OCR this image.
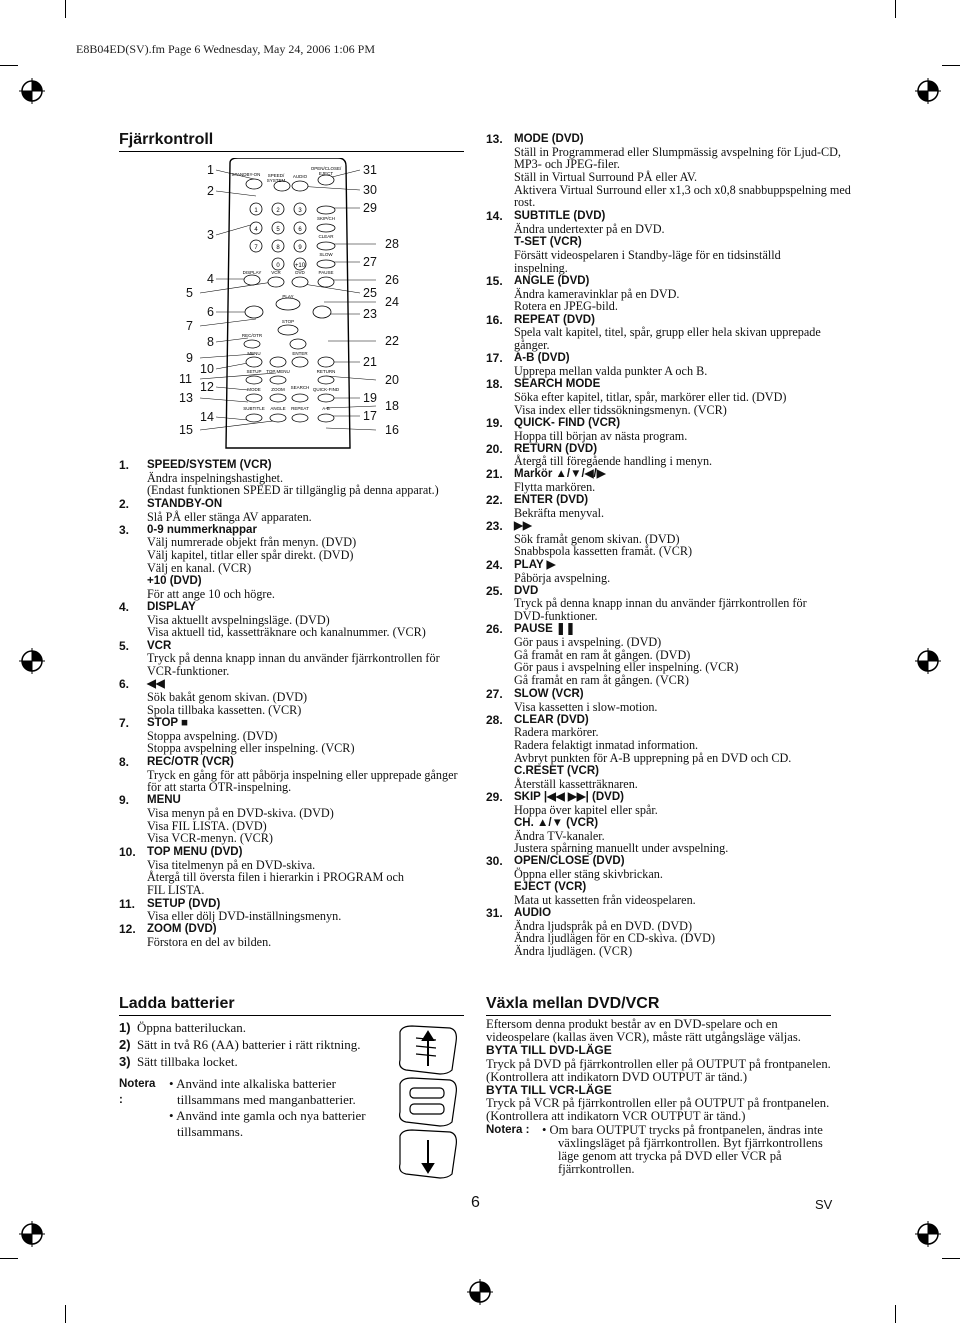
E8B04ED(SV).fm Page 6 Wednesday, May 24, 2006 1:06 PM
Fjärrkontroll
1	2	3
4	5	6
7	8	9
0	+10
STANDBY-ON SPEED/
SYSTEM
AUDIO
OPEN/CLOSE/
EJECT
SKIP/CH
CLEAR
SLOW
DISPLAY VCR	DVD	PAUSE
PLAY
STOP
REC/OTR
MENU	ENTER
SETUP TOP MENU	RETURN
MODE ZOOM SEARCH QUICK-FIND
SUBTITLE ANGLE REPEAT	A-B
1
2
3
4
5
6
7
8
9
10
11
12
13
14
15
31
30
29
28
27
26
25
24
23
22
21
20
19
18
17
16
1. SPEED/SYSTEM (VCR)
Ändra inspelningshastighet.
(Endast funktionen SPEED är tillgänglig på denna apparat.)
2. STANDBY-ON
Slå PÅ eller stänga AV apparaten.
3. 0-9 nummerknappar
Välj numrerade objekt från menyn. (DVD)
Välj kapitel, titlar eller spår direkt. (DVD)
Välj en kanal. (VCR)
+10 (DVD)
För att ange 10 och högre.
4. DISPLAY
Visa aktuellt avspelningsläge. (DVD)
Visa aktuell tid, kassetträknare och kanalnummer. (VCR)
5. VCR
Tryck på denna knapp innan du använder fjärrkontrollen för
VCR-funktioner.
6. ◀◀
Sök bakåt genom skivan. (DVD)
Spola tillbaka kassetten. (VCR)
7. STOP ■
Stoppa avspelning. (DVD)
Stoppa avspelning eller inspelning. (VCR)
8. REC/OTR (VCR)
Tryck en gång för att påbörja inspelning eller upprepade gånger
för att starta OTR-inspelning.
9. MENU
Visa menyn på en DVD-skiva. (DVD)
Visa FIL LISTA. (DVD)
Visa VCR-menyn. (VCR)
10. TOP MENU (DVD)
Visa titelmenyn på en DVD-skiva.
Återgå till översta filen i hierarkin i PROGRAM och
FIL LISTA.
11. SETUP (DVD)
Visa eller dölj DVD-inställningsmenyn.
12. ZOOM (DVD)
Förstora en del av bilden.
Ladda batterier
1) Öppna batteriluckan.
2) Sätt in två R6 (AA) batterier i rätt riktning.
3) Sätt tillbaka locket.
Notera :
• Använd inte alkaliska batterier
tillsammans med manganbatterier.
• Använd inte gamla och nya batterier
tillsammans.
13. MODE (DVD)
Ställ in Programmerad eller Slumpmässig avspelning för Ljud-CD,
MP3- och JPEG-filer.
Ställ in Virtual Surround PÅ eller AV.
Aktivera Virtual Surround eller x1,3 och x0,8 snabbuppspelning med
rost.
14. SUBTITLE (DVD)
Ändra undertexter på en DVD.
T-SET (VCR)
Försätt videospelaren i Standby-läge för en tidsinställd
inspelning.
15. ANGLE (DVD)
Ändra kameravinklar på en DVD.
Rotera en JPEG-bild.
16. REPEAT (DVD)
Spela valt kapitel, titel, spår, grupp eller hela skivan upprepade
gånger.
17. A-B (DVD)
Upprepa mellan valda punkter A och B.
18. SEARCH MODE
Söka efter kapitel, titlar, spår, markörer eller tid. (DVD)
Visa index eller tidssökningsmenyn. (VCR)
19. QUICK- FIND (VCR)
Hoppa till början av nästa program.
20. RETURN (DVD)
Återgå till föregående handling i menyn.
21. Markör ▲/▼/◀/▶
Flytta markören.
22. ENTER (DVD)
Bekräfta menyval.
23. ▶▶
Sök framåt genom skivan. (DVD)
Snabbspola kassetten framåt. (VCR)
24. PLAY ▶
Påbörja avspelning.
25. DVD
Tryck på denna knapp innan du använder fjärrkontrollen för
DVD-funktioner.
26. PAUSE ❚❚
Gör paus i avspelning. (DVD)
Gå framåt en ram åt gången. (DVD)
Gör paus i avspelning eller inspelning. (VCR)
Gå framåt en ram åt gången. (VCR)
27. SLOW (VCR)
Visa kassetten i slow-motion.
28. CLEAR (DVD)
Radera markörer.
Radera felaktigt inmatad information.
Avbryt punkten för A-B upprepning på en DVD och CD.
C.RESET (VCR)
Återställ kassetträknaren.
29. SKIP |◀◀ ▶▶| (DVD)
Hoppa över kapitel eller spår.
CH. ▲/▼ (VCR)
Ändra TV-kanaler.
Justera spårning manuellt under avspelning.
30. OPEN/CLOSE (DVD)
Öppna eller stäng skivbrickan.
EJECT (VCR)
Mata ut kassetten från videospelaren.
31. AUDIO
Ändra ljudspråk på en DVD. (DVD)
Ändra ljudlägen för en CD-skiva. (DVD)
Ändra ljudlägen. (VCR)
Växla mellan DVD/VCR
Eftersom denna produkt består av en DVD-spelare och en
videospelare (kallas även VCR), måste rätt utgångsläge väljas.
BYTA TILL DVD-LÄGE
Tryck på DVD på fjärrkontrollen eller på OUTPUT på frontpanelen.
(Kontrollera att indikatorn DVD OUTPUT är tänd.)
BYTA TILL VCR-LÄGE
Tryck på VCR på fjärrkontrollen eller på OUTPUT på frontpanelen.
(Kontrollera att indikatorn VCR OUTPUT är tänd.)
Notera : • Om bara OUTPUT trycks på frontpanelen, ändras inte
växlingsläget på fjärrkontrollen. Byt fjärrkontrollens
läge genom att trycka på DVD eller VCR på
fjärrkontrollen.
6	SV
